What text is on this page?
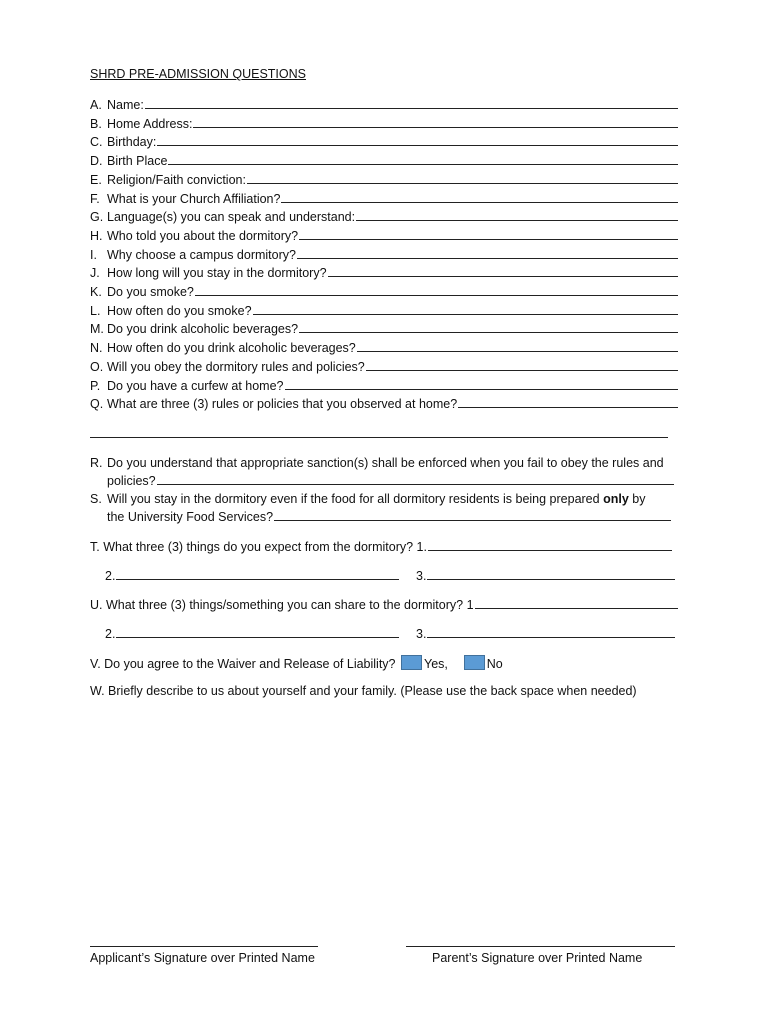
SHRD PRE-ADMISSION QUESTIONS
A. Name:
B. Home Address:
C. Birthday:
D. Birth Place
E. Religion/Faith conviction:
F. What is your Church Affiliation?
G. Language(s) you can speak and understand:
H. Who told you about the dormitory?
I. Why choose a campus dormitory?
J. How long will you stay in the dormitory?
K. Do you smoke?
L. How often do you smoke?
M. Do you drink alcoholic beverages?
N. How often do you drink alcoholic beverages?
O. Will you obey the dormitory rules and policies?
P. Do you have a curfew at home?
Q. What are three (3) rules or policies that you observed at home?
R. Do you understand that appropriate sanction(s) shall be enforced when you fail to obey the rules and
policies?
S. Will you stay in the dormitory even if the food for all dormitory residents is being prepared only by
the University Food Services?
T. What three (3) things do you expect from the dormitory? 1.
2.	3.
U. What three (3) things/something you can share to the dormitory? 1
2.	3.
V. Do you agree to the Waiver and Release of Liability? Yes,	No
W. Briefly describe to us about yourself and your family. (Please use the back space when needed)
Applicant’s Signature over Printed Name	Parent’s Signature over Printed Name
